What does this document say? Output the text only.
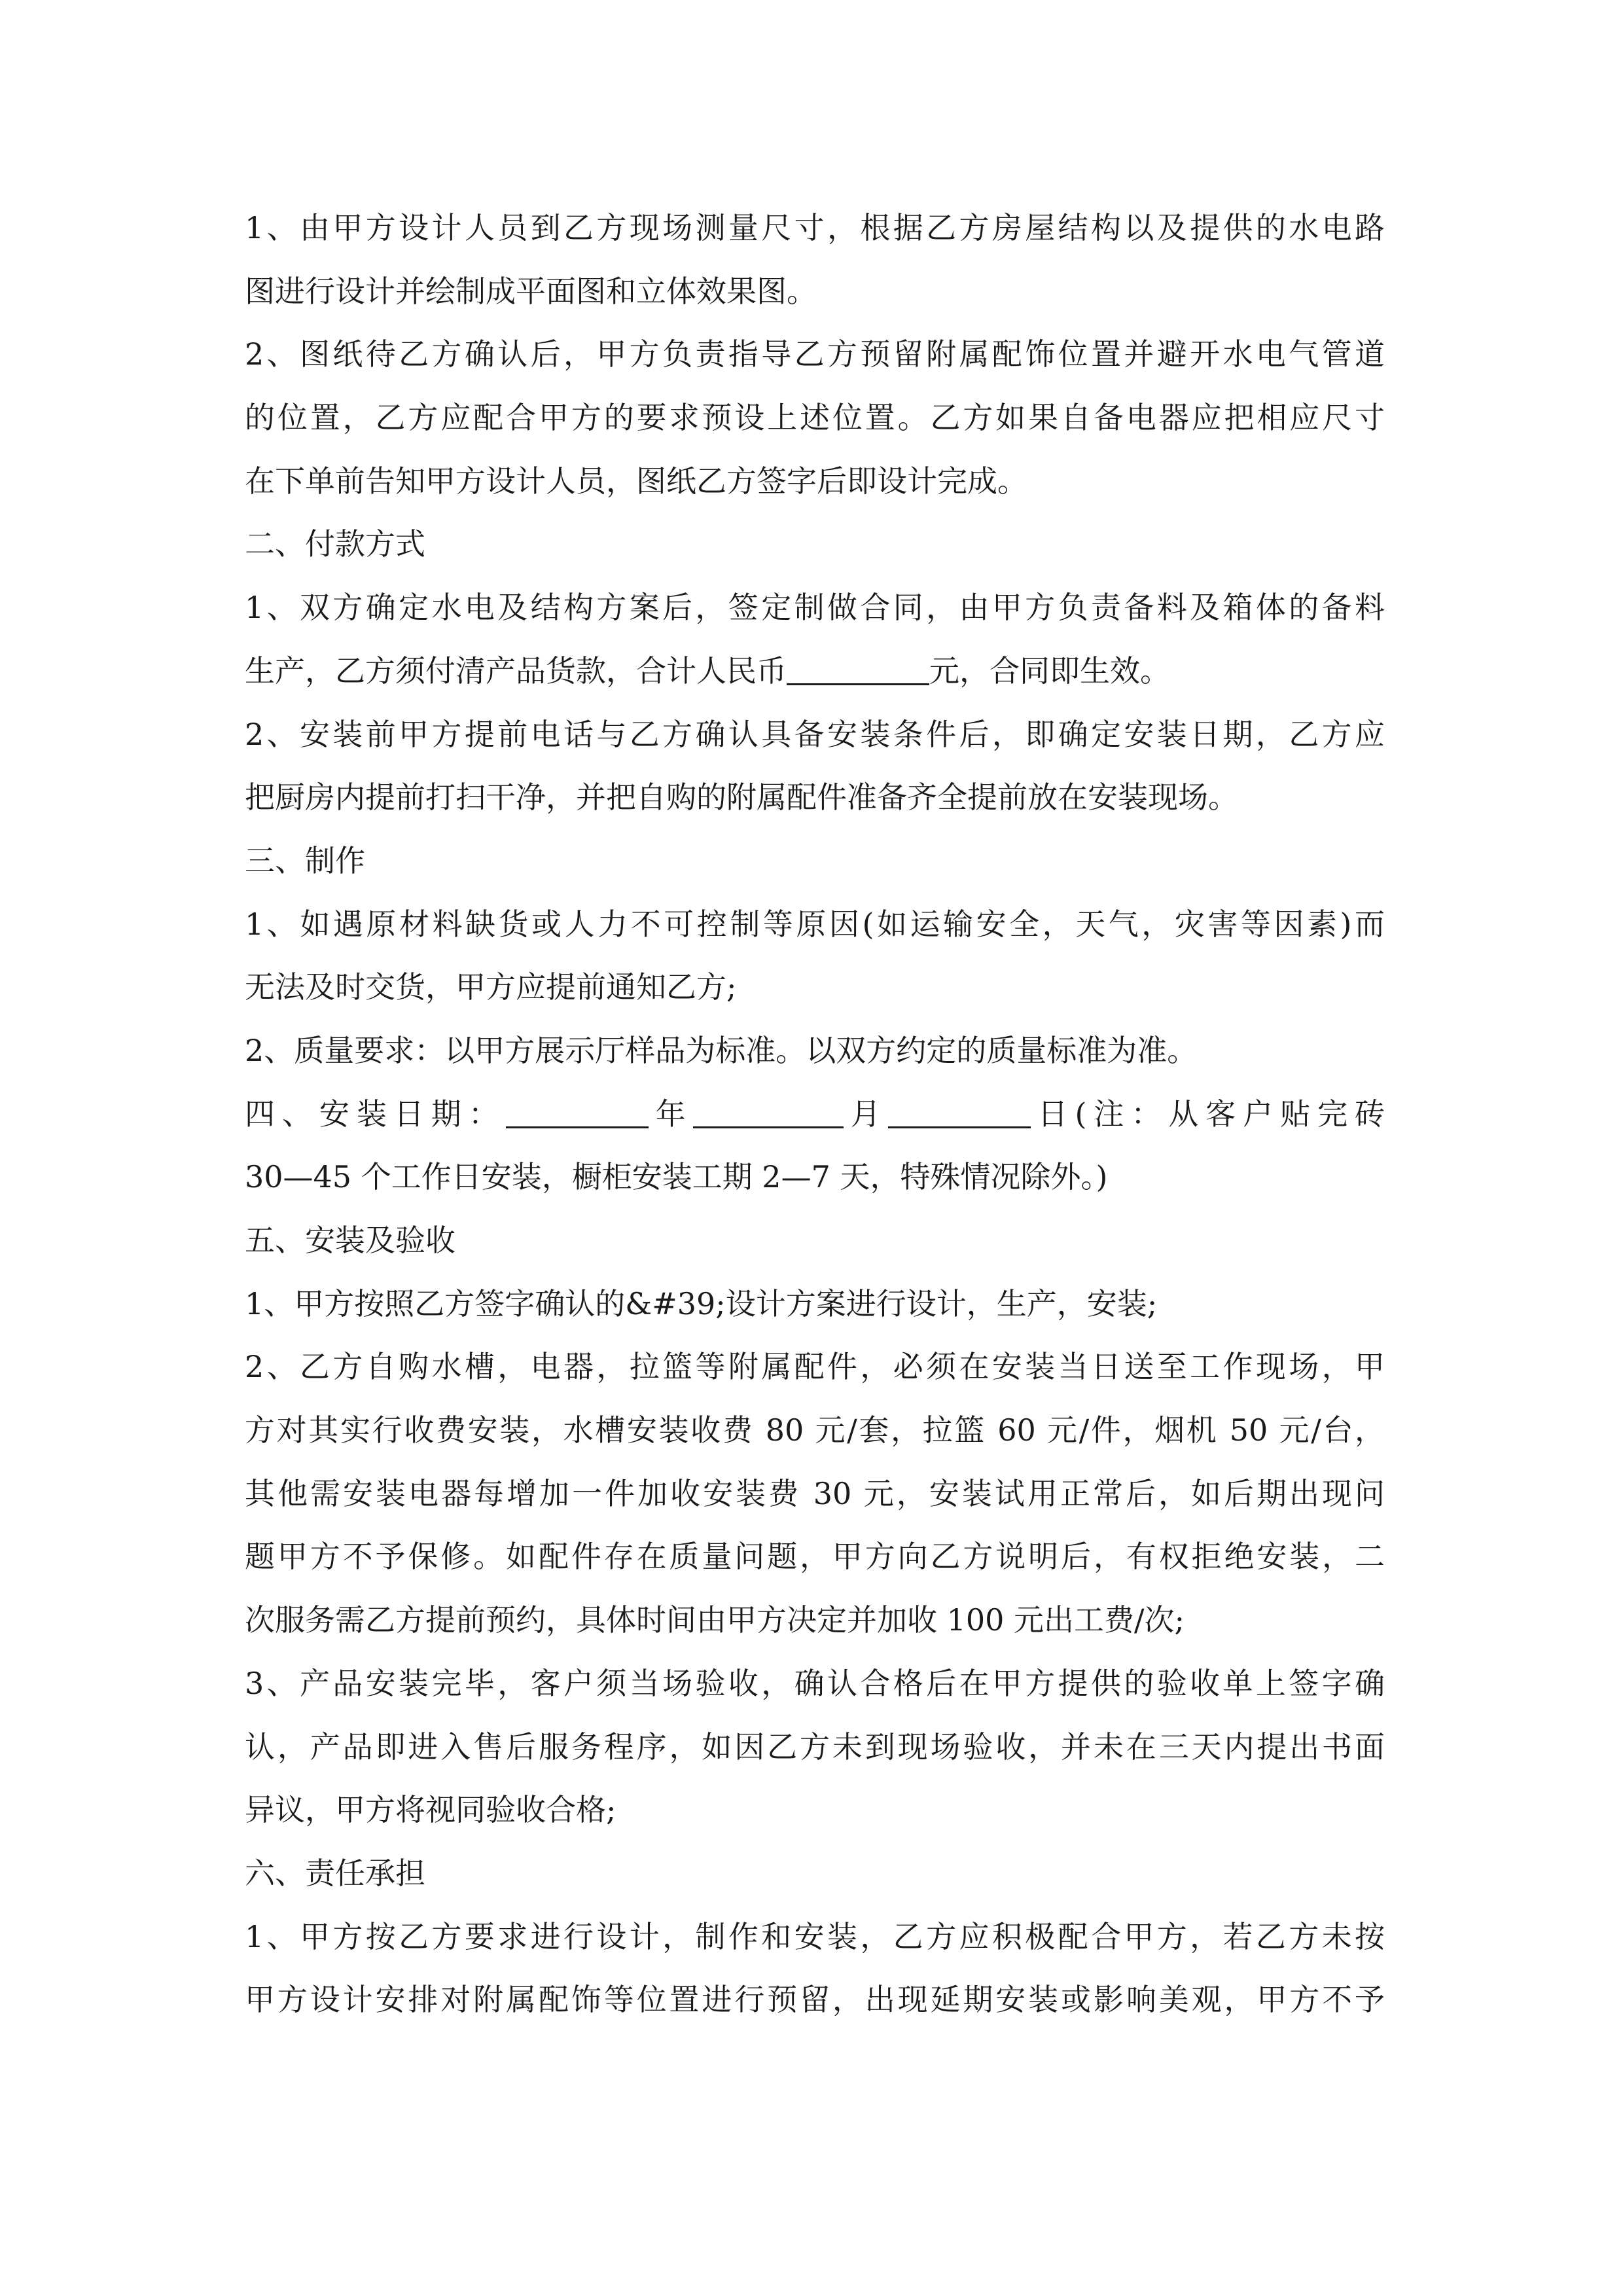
1、由甲方设计人员到乙方现场测量尺寸，根据乙方房屋结构以及提供的水电路

图进行设计并绘制成平面图和立体效果图。

2、图纸待乙方确认后，甲方负责指导乙方预留附属配饰位置并避开水电气管道

的位置，乙方应配合甲方的要求预设上述位置。乙方如果自备电器应把相应尺寸

在下单前告知甲方设计人员，图纸乙方签字后即设计完成。

二、付款方式

1、双方确定水电及结构方案后，签定制做合同，由甲方负责备料及箱体的备料

生产，乙方须付清产品货款，合计人民币	元，合同即生效。

2、安装前甲方提前电话与乙方确认具备安装条件后，即确定安装日期，乙方应

把厨房内提前打扫干净，并把自购的附属配件准备齐全提前放在安装现场。

三、制作

1、如遇原材料缺货或人力不可控制等原因(如运输安全，天气，灾害等因素)而

无法及时交货，甲方应提前通知乙方;

2、质量要求：以甲方展示厅样品为标准。以双方约定的质量标准为准。

四、安装日期：	年	月	日(注：从客户贴完砖

30—45 个工作日安装，橱柜安装工期 2—7 天，特殊情况除外。)

五、安装及验收

1、甲方按照乙方签字确认的&#39;设计方案进行设计，生产，安装;

2、乙方自购水槽，电器，拉篮等附属配件，必须在安装当日送至工作现场，甲

方对其实行收费安装，水槽安装收费 80 元/套，拉篮 60 元/件，烟机 50 元/台，

其他需安装电器每增加一件加收安装费 30 元，安装试用正常后，如后期出现问

题甲方不予保修。如配件存在质量问题，甲方向乙方说明后，有权拒绝安装，二

次服务需乙方提前预约，具体时间由甲方决定并加收 100 元出工费/次;

3、产品安装完毕，客户须当场验收，确认合格后在甲方提供的验收单上签字确

认，产品即进入售后服务程序，如因乙方未到现场验收，并未在三天内提出书面

异议，甲方将视同验收合格;

六、责任承担

1、甲方按乙方要求进行设计，制作和安装，乙方应积极配合甲方，若乙方未按

甲方设计安排对附属配饰等位置进行预留，出现延期安装或影响美观，甲方不予
